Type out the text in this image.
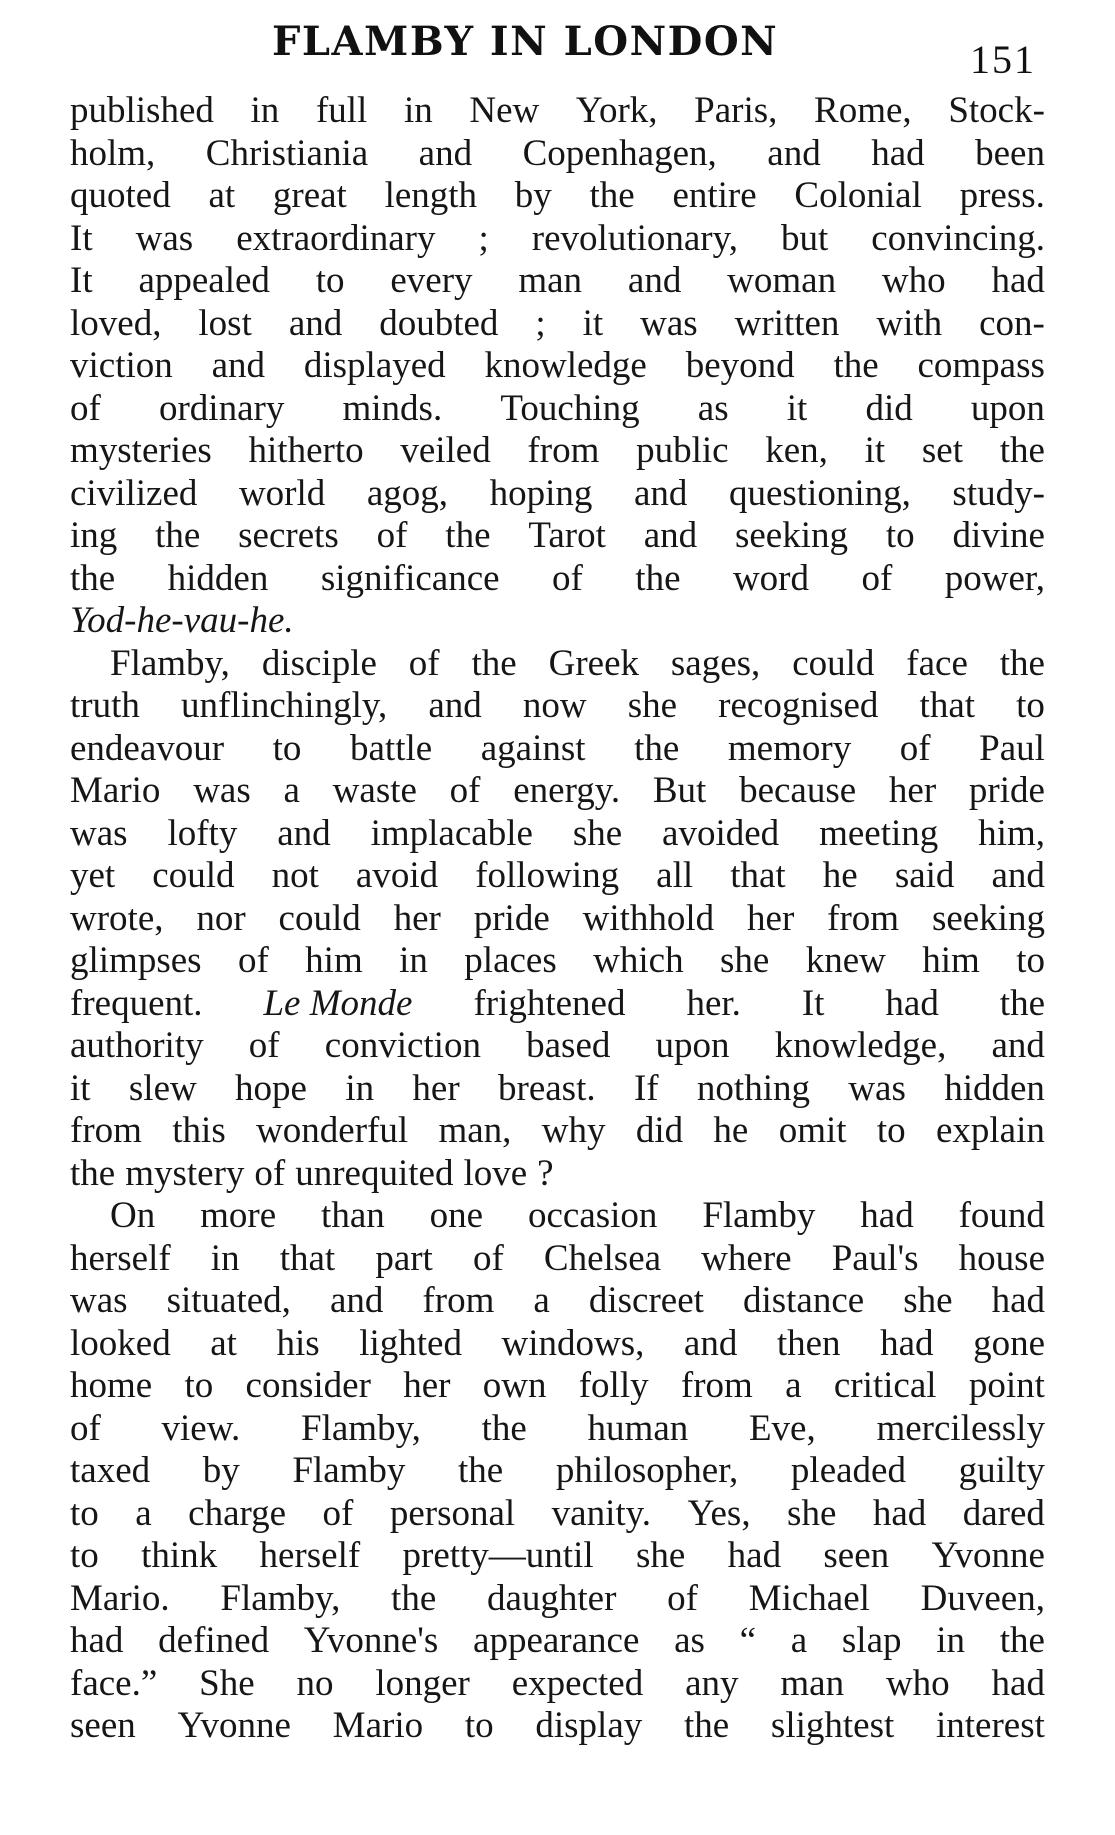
FLAMBY IN LONDON	151
published in full in New York, Paris, Rome, Stock-
holm, Christiania and Copenhagen, and had been
quoted at great length by the entire Colonial press.
It was extraordinary ; revolutionary, but convincing.
It appealed to every man and woman who had
loved, lost and doubted ; it was written with con-
viction and displayed knowledge beyond the compass
of ordinary minds. Touching as it did upon
mysteries hitherto veiled from public ken, it set the
civilized world agog, hoping and questioning, study-
ing the secrets of the Tarot and seeking to divine
the hidden significance of the word of power,
Yod-he-vau-he.
Flamby, disciple of the Greek sages, could face the
truth unflinchingly, and now she recognised that to
endeavour to battle against the memory of Paul
Mario was a waste of energy. But because her pride
was lofty and implacable she avoided meeting him,
yet could not avoid following all that he said and
wrote, nor could her pride withhold her from seeking
glimpses of him in places which she knew him to
frequent. Le Monde frightened her. It had the
authority of conviction based upon knowledge, and
it slew hope in her breast. If nothing was hidden
from this wonderful man, why did he omit to explain
the mystery of unrequited love ?
On more than one occasion Flamby had found
herself in that part of Chelsea where Paul's house
was situated, and from a discreet distance she had
looked at his lighted windows, and then had gone
home to consider her own folly from a critical point
of view. Flamby, the human Eve, mercilessly
taxed by Flamby the philosopher, pleaded guilty
to a charge of personal vanity. Yes, she had dared
to think herself pretty—until she had seen Yvonne
Mario. Flamby, the daughter of Michael Duveen,
had defined Yvonne's appearance as “ a slap in the
face.” She no longer expected any man who had
seen Yvonne Mario to display the slightest interest
